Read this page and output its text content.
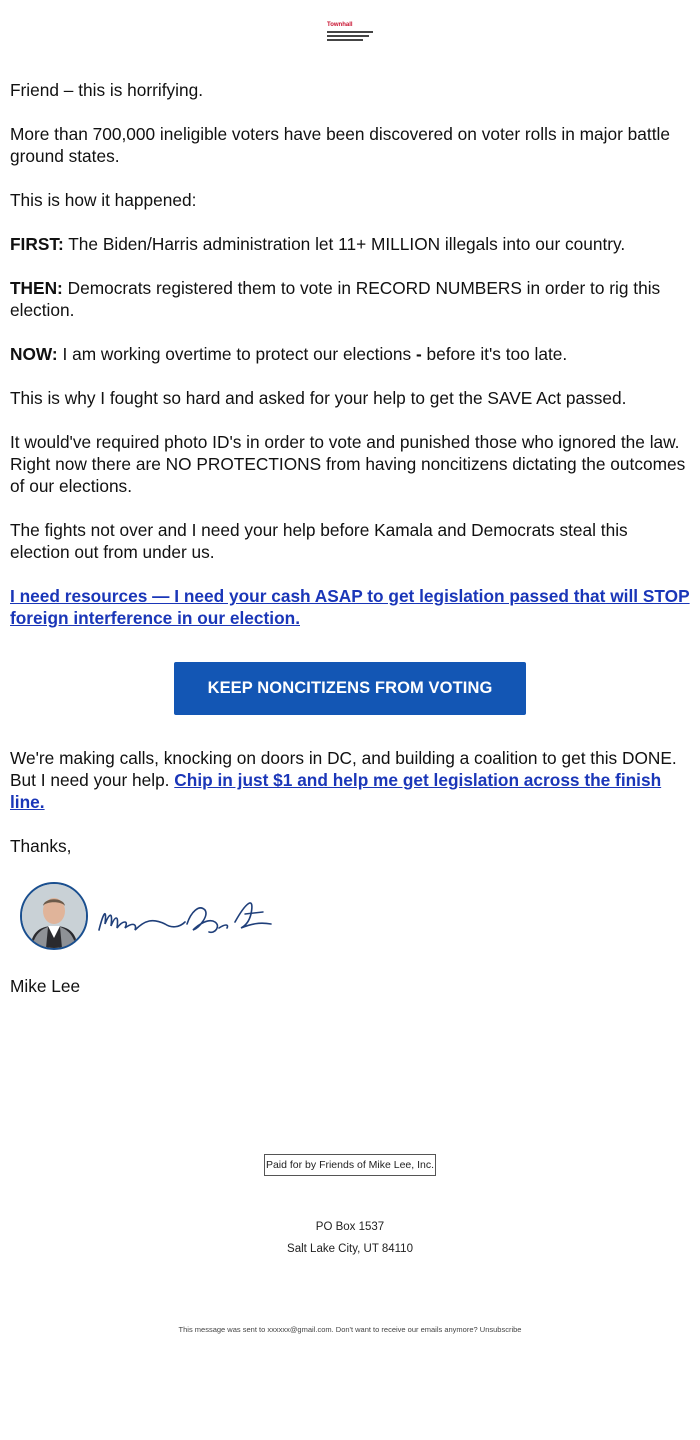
Townhall

Friend – this is horrifying.

More than 700,000 ineligible voters have been discovered on voter rolls in major battle ground states.

This is how it happened:

FIRST: The Biden/Harris administration let 11+ MILLION illegals into our country.

THEN: Democrats registered them to vote in RECORD NUMBERS in order to rig this election.

NOW: I am working overtime to protect our elections - before it's too late.

This is why I fought so hard and asked for your help to get the SAVE Act passed.

It would've required photo ID's in order to vote and punished those who ignored the law. Right now there are NO PROTECTIONS from having noncitizens dictating the outcomes of our elections.

The fights not over and I need your help before Kamala and Democrats steal this election out from under us.

I need resources — I need your cash ASAP to get legislation passed that will STOP foreign interference in our election.

KEEP NONCITIZENS FROM VOTING

We're making calls, knocking on doors in DC, and building a coalition to get this DONE. But I need your help. Chip in just $1 and help me get legislation across the finish line.

Thanks,

Mike Lee
Paid for by Friends of Mike Lee, Inc.
PO Box 1537
Salt Lake City, UT 84110
This message was sent to xxxxxx@gmail.com. Don't want to receive our emails anymore? Unsubscribe
